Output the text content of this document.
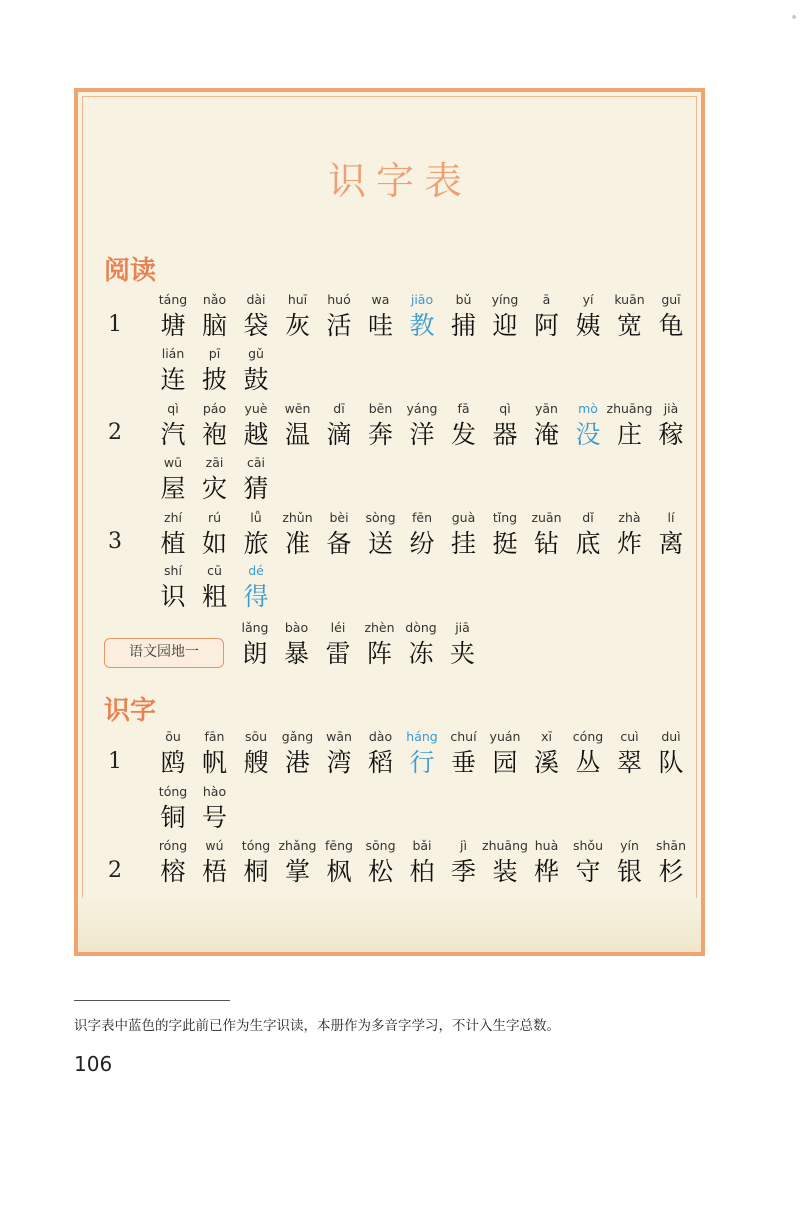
•
识字表
阅读
1
táng
塘
nǎo
脑
dài
袋
huī
灰
huó
活
wa
哇
jiāo
教
bǔ
捕
yíng
迎
ā
阿
yí
姨
kuān
宽
guī
龟
lián
连
pī
披
gǔ
鼓
2
qì
汽
páo
袍
yuè
越
wēn
温
dī
滴
bēn
奔
yáng
洋
fā
发
qì
器
yān
淹
mò
没
zhuāng
庄
jià
稼
wū
屋
zāi
灾
cāi
猜
3
zhí
植
rú
如
lǚ
旅
zhǔn
准
bèi
备
sòng
送
fēn
纷
guà
挂
tǐng
挺
zuān
钻
dǐ
底
zhà
炸
lí
离
shí
识
cū
粗
dé
得
语文园地一
lǎng
朗
bào
暴
léi
雷
zhèn
阵
dòng
冻
jiā
夹
识字
1
ōu
鸥
fān
帆
sōu
艘
gǎng
港
wān
湾
dào
稻
háng
行
chuí
垂
yuán
园
xī
溪
cóng
丛
cuì
翠
duì
队
tóng
铜
hào
号
2
róng
榕
wú
梧
tóng
桐
zhǎng
掌
fēng
枫
sōng
松
bǎi
柏
jì
季
zhuāng
装
huà
桦
shǒu
守
yín
银
shān
杉
识字表中蓝色的字此前已作为生字识读，本册作为多音字学习，不计入生字总数。
106
